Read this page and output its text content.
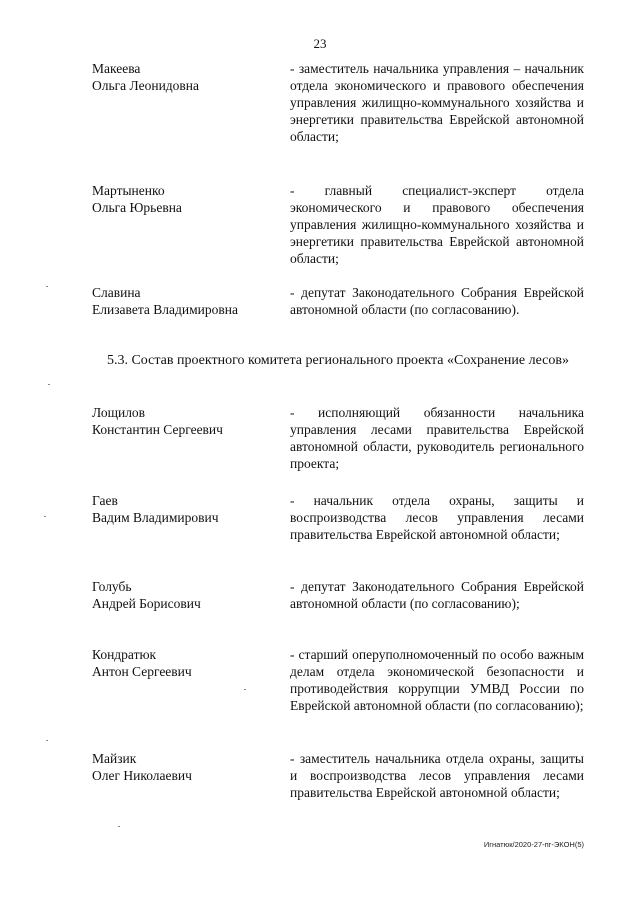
23
Макеева
Ольга Леонидовна
- заместитель начальника управления – начальник отдела экономического и правового обеспечения управления жилищно-коммунального хозяйства и энергетики правительства Еврейской автономной области;
Мартыненко
Ольга Юрьевна
- главный специалист-эксперт отдела экономического и правового обеспечения управления жилищно-коммунального хозяйства и энергетики правительства Еврейской автономной области;
Славина
Елизавета Владимировна
- депутат Законодательного Собрания Еврейской автономной области (по согласованию).
5.3. Состав проектного комитета регионального проекта «Сохранение лесов»
Лощилов
Константин Сергеевич
- исполняющий обязанности начальника управления лесами правительства Еврейской автономной области, руководитель регионального проекта;
Гаев
Вадим Владимирович
- начальник отдела охраны, защиты и воспроизводства лесов управления лесами правительства Еврейской автономной области;
Голубь
Андрей Борисович
- депутат Законодательного Собрания Еврейской автономной области (по согласованию);
Кондратюк
Антон Сергеевич
- старший оперуполномоченный по особо важным делам отдела экономической безопасности и противодействия коррупции УМВД России по Еврейской автономной области (по согласованию);
Майзик
Олег Николаевич
- заместитель начальника отдела охраны, защиты и воспроизводства лесов управления лесами правительства Еврейской автономной области;
Игнатюк/2020-27-пг-ЭКОН(5)
